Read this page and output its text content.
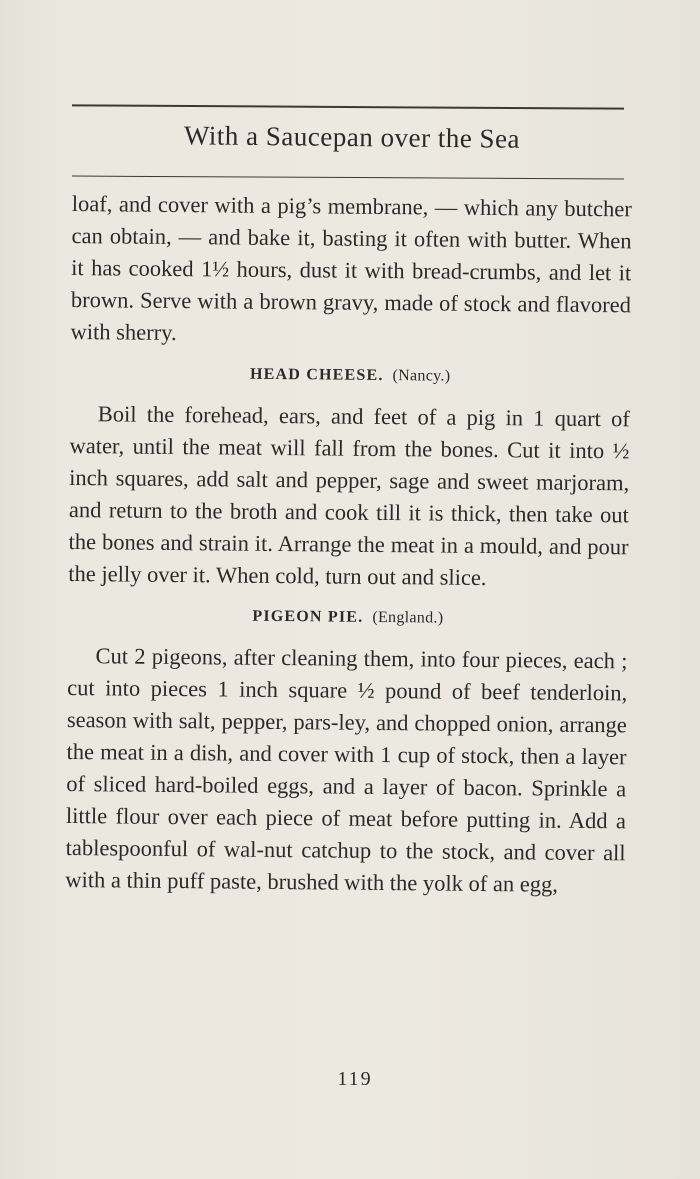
With a Saucepan over the Sea

loaf, and cover with a pig’s membrane, — which any butcher can obtain, — and bake it, basting it often with butter. When it has cooked 1½ hours, dust it with bread-crumbs, and let it brown. Serve with a brown gravy, made of stock and flavored with sherry.

HEAD CHEESE. (Nancy.)

Boil the forehead, ears, and feet of a pig in 1 quart of water, until the meat will fall from the bones. Cut it into ½ inch squares, add salt and pepper, sage and sweet marjoram, and return to the broth and cook till it is thick, then take out the bones and strain it. Arrange the meat in a mould, and pour the jelly over it. When cold, turn out and slice.

PIGEON PIE. (England.)

Cut 2 pigeons, after cleaning them, into four pieces, each ; cut into pieces 1 inch square ½ pound of beef tenderloin, season with salt, pepper, pars-ley, and chopped onion, arrange the meat in a dish, and cover with 1 cup of stock, then a layer of sliced hard-boiled eggs, and a layer of bacon. Sprinkle a little flour over each piece of meat before putting in. Add a tablespoonful of wal-nut catchup to the stock, and cover all with a thin puff paste, brushed with the yolk of an egg,

119
